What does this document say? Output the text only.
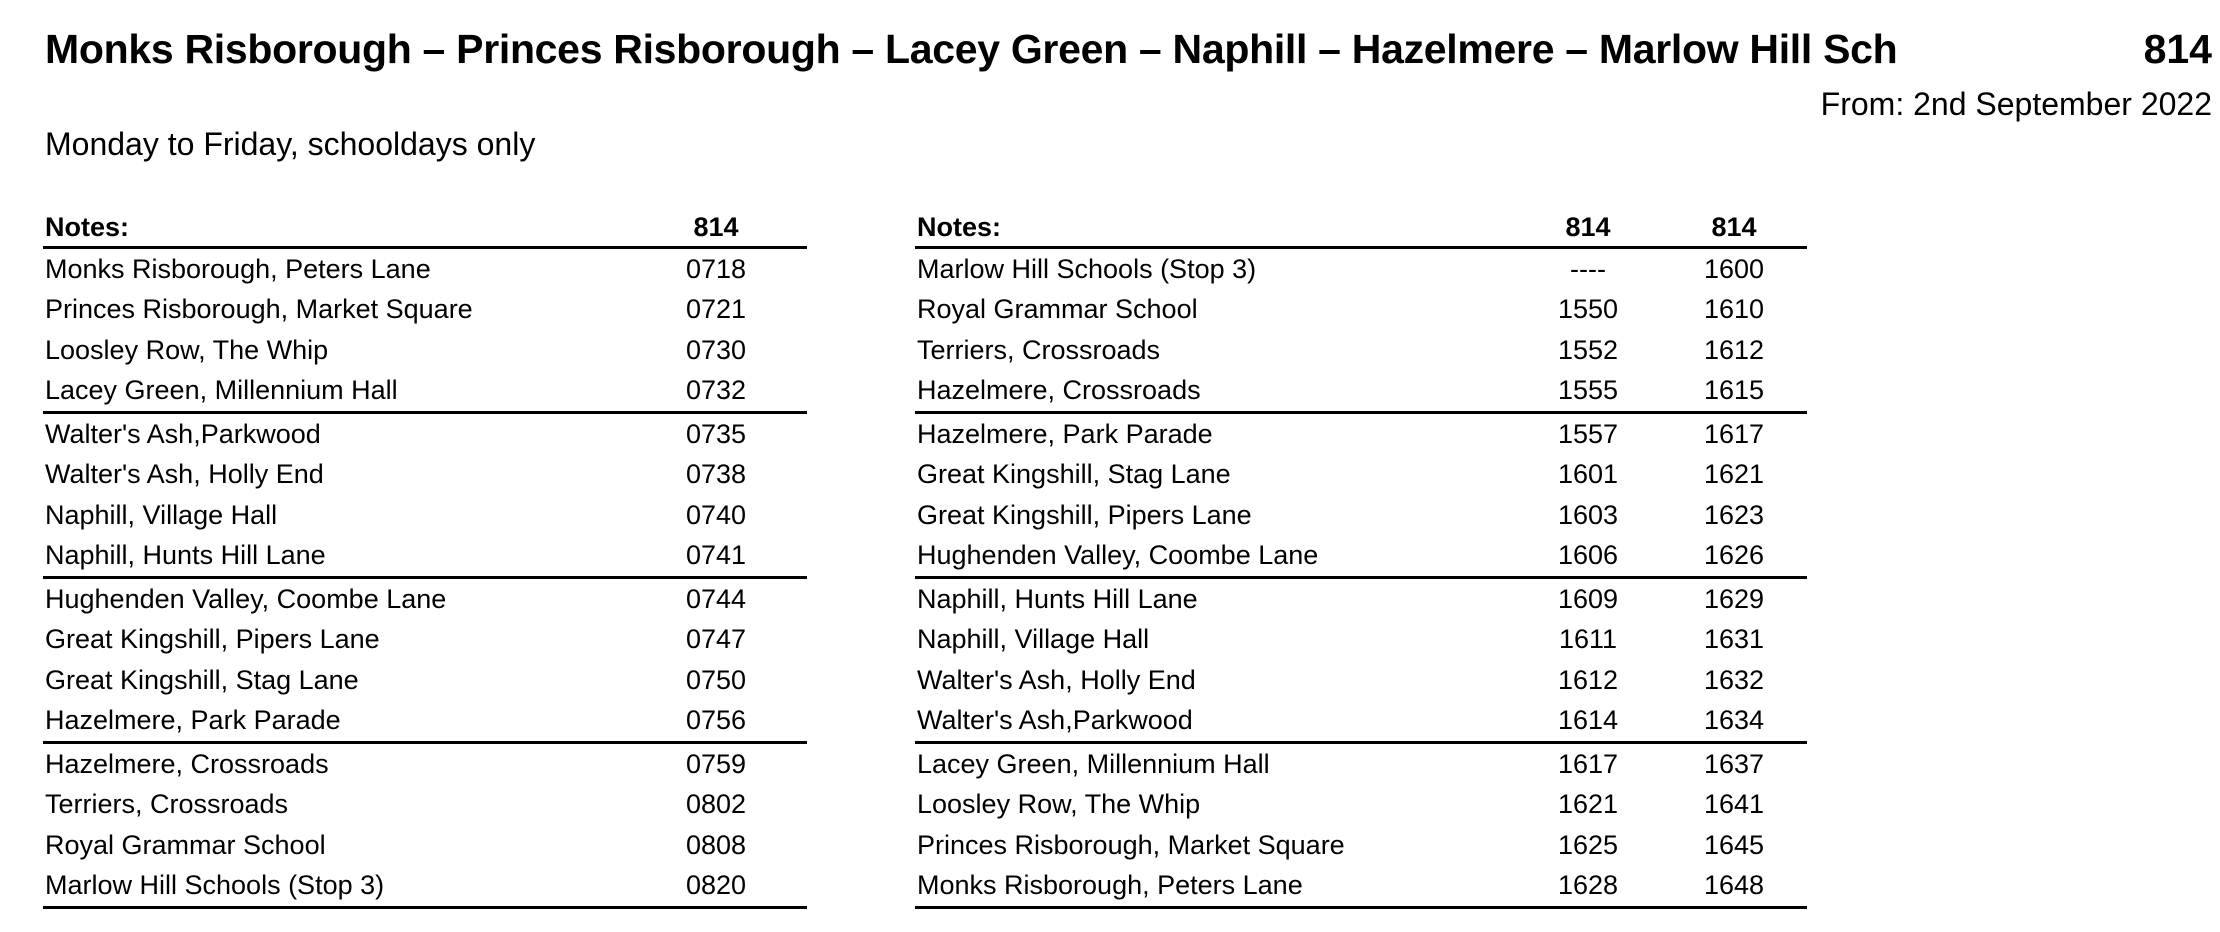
Monks Risborough – Princes Risborough – Lacey Green – Naphill – Hazelmere – Marlow Hill Sch	814
From: 2nd September 2022
Monday to Friday, schooldays only
Notes:	814
Monks Risborough, Peters Lane	0718
Princes Risborough, Market Square	0721
Loosley Row, The Whip	0730
Lacey Green, Millennium Hall	0732
Walter's Ash,Parkwood	0735
Walter's Ash, Holly End	0738
Naphill, Village Hall	0740
Naphill, Hunts Hill Lane	0741
Hughenden Valley, Coombe Lane	0744
Great Kingshill, Pipers Lane	0747
Great Kingshill, Stag Lane	0750
Hazelmere, Park Parade	0756
Hazelmere, Crossroads	0759
Terriers, Crossroads	0802
Royal Grammar School	0808
Marlow Hill Schools (Stop 3)	0820
Notes:	814	814
Marlow Hill Schools (Stop 3)	----	1600
Royal Grammar School	1550	1610
Terriers, Crossroads	1552	1612
Hazelmere, Crossroads	1555	1615
Hazelmere, Park Parade	1557	1617
Great Kingshill, Stag Lane	1601	1621
Great Kingshill, Pipers Lane	1603	1623
Hughenden Valley, Coombe Lane	1606	1626
Naphill, Hunts Hill Lane	1609	1629
Naphill, Village Hall	1611	1631
Walter's Ash, Holly End	1612	1632
Walter's Ash,Parkwood	1614	1634
Lacey Green, Millennium Hall	1617	1637
Loosley Row, The Whip	1621	1641
Princes Risborough, Market Square	1625	1645
Monks Risborough, Peters Lane	1628	1648
